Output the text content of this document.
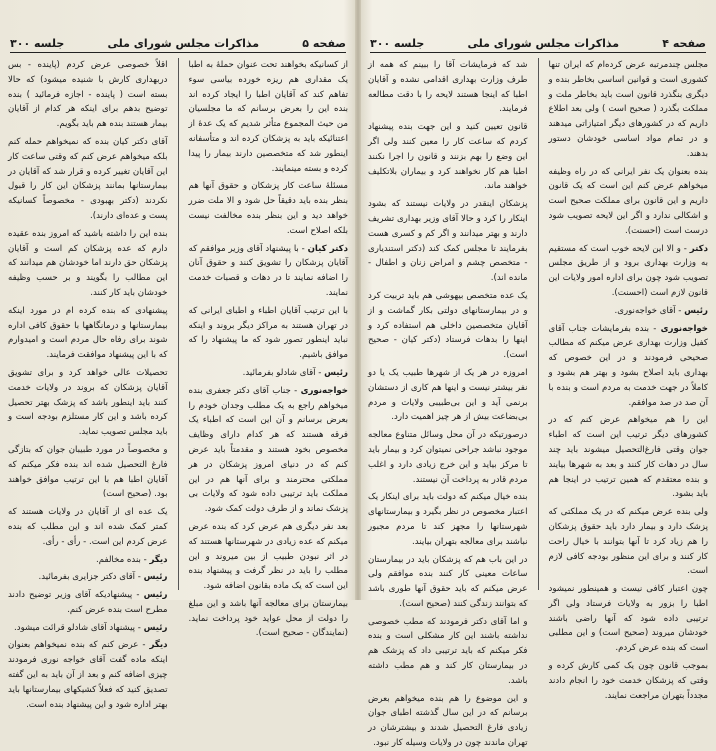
صفحه ۵
مذاکرات مجلس شورای ملی
جلسه ۳۰۰

از کسانیکه بخواهند تحت عنوان حملهٔ به اطبا یک مقداری هم ریزه خورده بیاسی سوء تفاهم کند که آقایان اطبا را ایجاد کرده اند بنده این را بعرض برسانم که ما مجلسیان من حیث المجموع متأثر شدیم که یک عدهٔ از اعتنائیکه باید به پزشکان کرده اند و متأسفانه اینطور شد که متخصصین دارند بیمار را پیدا کرده و بسته مینمایند.

مسئلهٔ ساعت کار پزشکان و حقوق آنها هم بنظر بنده باید دقیقاً حل شود و الا ملت ضرر خواهد دید و این بنظر بنده مخالفت نیست بلکه اصلاح است.

دکتر کیان - با پیشنهاد آقای وزیر موافقم که آقایان پزشکان را تشویق کنند و حقوق آنان را اضافه نمایند تا در دهات و قصبات خدمت نمایند.

با این ترتیب آقایان اطباء و اطبای ایرانی که در تهران هستند به مراکز دیگر بروند و اینکه نباید اینطور تصور شود که ما پیشنهاد را که موافق باشیم.

رئیس - آقای شادلو بفرمائید.

خواجه‌نوری - جناب آقای دکتر جعفری بنده میخواهم راجع به یک مطلب وجدان خودم را بعرض برسانم و آن این است که اطباء یک فرقه هستند که هر کدام دارای وظایف مخصوص بخود هستند و مقدمتاً باید عرض کنم که در دنیای امروز پزشکان در هر مملکتی محترمند و برای آنها هم در این مملکت باید ترتیبی داده شود که ولایات بی پزشک نماند و از طرف دولت کمک شود.

بعد نفر دیگری هم عرض کرد که بنده عرض میکنم که عده زیادی در شهرستانها هستند که در اثر نبودن طبیب از بین میروند و این مطلب را باید در نظر گرفت و پیشنهاد بنده این است که یک ماده بقانون اضافه شود.

بیمارستان برای معالجه آنها باشد و این مبلغ را دولت از محل عواید خود پرداخت نماید. (نمایندگان - صحیح است).

اقلاً خصوصی عرض کردم (پاینده - بس دربهداری کارش با شنیده میشود) که حالا بسته است ( پاینده - اجازه فرمائید ) بنده توضیح بدهم برای اینکه هر کدام از آقایان بیمار هستند بنده هم باید بگویم.

آقای دکتر کیان بنده که نمیخواهم حمله کنم بلکه میخواهم عرض کنم که وقتی ساعت کار این آقایان تغییر کرده و قرار شد که آقایان در بیمارستانها بمانند پزشکان این کار را قبول نکردند (دکتر بهبودی - مخصوصاً کسانیکه پست و عده‌ای دارند).

بنده این را داشته باشید که امروز بنده عقیده دارم که عده پزشکان کم است و آقایان پزشکان حق دارند اما خودشان هم میدانند که این مطالب را بگویند و بر حسب وظیفه خودشان باید کار کنند.

پیشنهادی که بنده کرده ام در مورد اینکه بیمارستانها و درمانگاهها با حقوق کافی اداره شوند برای رفاه حال مردم است و امیدوارم که با این پیشنهاد موافقت فرمایند.

تحصیلات عالی خواهد کرد و برای تشویق آقایان پزشکان که بروند در ولایات خدمت کنند باید اینطور باشد که پزشک بهتر تحصیل کرده باشد و این کار مستلزم بودجه است و باید مجلس تصویب نماید.

و مخصوصاً در مورد طبیبان جوان که بتازگی فارغ التحصیل شده اند بنده فکر میکنم که آقایان اطبا هم با این ترتیب موافق خواهند بود. (صحیح است)

یک عده ای از آقایان در ولایات هستند که کمتر کمک شده اند و این مطلب که بنده عرض کردم این است. - رأی - رأی.

دیگر - بنده مخالفم.

رئیس - آقای دکتر جزایری بفرمائید.

رئیس - پیشنهادیکه آقای وزیر توضیح دادند مطرح است بنده عرض کنم.

رئیس - پیشنهاد آقای شادلو قرائت میشود.

دیگر - عرض کنم که بنده نمیخواهم بعنوان اینکه ماده گفت آقای خواجه نوری فرمودند چیزی اضافه کنم و بعد از آن باید به این گفته تصدیق کنید که فعلاً کشیکهای بیمارستانها باید بهتر اداره شود و این پیشنهاد بنده است.

صفحه ۴
مذاکرات مجلس شورای ملی
جلسه ۳۰۰

مجلس چندمرتبه عرض کرده‌ام که ایران تنها کشوری است و قوانین اساسی بخاطر بنده و دیگری بنگذرد قانون است باید بخاطر ملت و مملکت بگذرد ( صحیح است ) ولی بعد اطلاع داریم که در کشورهای دیگر امتیازاتی میدهند و در تمام مواد اساسی خودشان دستور بدهند.

بنده بعنوان یک نفر ایرانی که در راه وظیفه میخواهم عرض کنم این است که یک قانون داریم و این قانون برای مملکت صحیح است و اشکالی ندارد و اگر این لایحه تصویب شود درست است (احسنت).

دکتر - و الا این لایحه خوب است که مستقیم به وزارت بهداری برود و از طریق مجلس تصویب شود چون برای اداره امور ولایات این قانون لازم است (احسنت).

رئیس - آقای خواجه‌نوری.

خواجه‌نوری - بنده بفرمایشات جناب آقای کفیل وزارت بهداری عرض میکنم که مطالب صحیحی فرمودند و در این خصوص که بهداری باید اصلاح بشود و بهتر هم بشود و کاملاً در جهت خدمت به مردم است و بنده با آن صد در صد موافقم.

این را هم میخواهم عرض کنم که در کشورهای دیگر ترتیب این است که اطباء جوان وقتی فارغ‌التحصیل میشوند باید چند سال در دهات کار کنند و بعد به شهرها بیایند و بنده معتقدم که همین ترتیب در اینجا هم باید بشود.

ولی بنده عرض میکنم که در یک مملکتی که پزشک دارد و بیمار دارد باید حقوق پزشکان را هم زیاد کرد تا آنها بتوانند با خیال راحت کار کنند و برای این منظور بودجه کافی لازم است.

چون اعتبار کافی نیست و همینطور نمیشود اطبا را بزور به ولایات فرستاد ولی اگر ترتیبی داده شود که آنها راضی باشند خودشان میروند (صحیح است) و این مطلبی است که بنده عرض کردم.

بموجب قانون چون یک کمی کارش کرده و وقتی که پزشکان خدمت خود را انجام دادند مجدداً بتهران مراجعت نمایند.

شد که فرمایشات آقا را ببینم که همه از طرف وزارت بهداری اقدامی نشده و آقایان اطبا که اینجا هستند لایحه را با دقت مطالعه فرمایند.

قانون تعیین کنید و این جهت بنده پیشنهاد کردم که ساعت کار را معین کنند ولی اگر این وضع را بهم بزنند و قانون را اجرا نکنند اطبا هم کار نخواهند کرد و بیماران بلاتکلیف خواهند ماند.

پزشکان اینقدر در ولایات نیستند که بشود اینکار را کرد و حالا آقای وزیر بهداری تشریف دارند و بهتر میدانند و اگر کم و کسری هست بفرمایند تا مجلس کمک کند (دکتر استندیاری - متخصص چشم و امراض زنان و اطفال - مانده اند).

یک عده متخصص بیهوشی هم باید تربیت کرد و در بیمارستانهای دولتی بکار گماشت و از آقایان متخصصین داخلی هم استفاده کرد و اینها را بدهات فرستاد (دکتر کیان - صحیح است).

امروزه در هر یک از شهرها طبیب یک یا دو نفر بیشتر نیست و اینها هم کاری از دستشان برنمی آید و این بی‌طبیبی ولایات و مردم بی‌بضاعت بیش از هر چیز اهمیت دارد.

درصورتیکه در آن محل وسائل متناوع معالجه موجود نباشد جراحی نمیتوان کرد و بیمار باید تا مرکز بیاید و این خرج زیادی دارد و اغلب مردم قادر به پرداخت آن نیستند.

بنده خیال میکنم که دولت باید برای اینکار یک اعتبار مخصوص در نظر بگیرد و بیمارستانهای شهرستانها را مجهز کند تا مردم مجبور نباشند برای معالجه بتهران بیایند.

در این باب هم که پزشکان باید در بیمارستان ساعات معینی کار کنند بنده موافقم ولی عرض میکنم که باید حقوق آنها طوری باشد که بتوانند زندگی کنند (صحیح است).

و اما آقای دکتر فرمودند که مطب خصوصی نداشته باشند این کار مشکلی است و بنده فکر میکنم که باید ترتیبی داد که پزشک هم در بیمارستان کار کند و هم مطب داشته باشد.

و این موضوع را هم بنده میخواهم بعرض برسانم که در این سال گذشته اطبای جوان زیادی فارغ التحصیل شدند و بیشترشان در تهران ماندند چون در ولایات وسیله کار نبود.
